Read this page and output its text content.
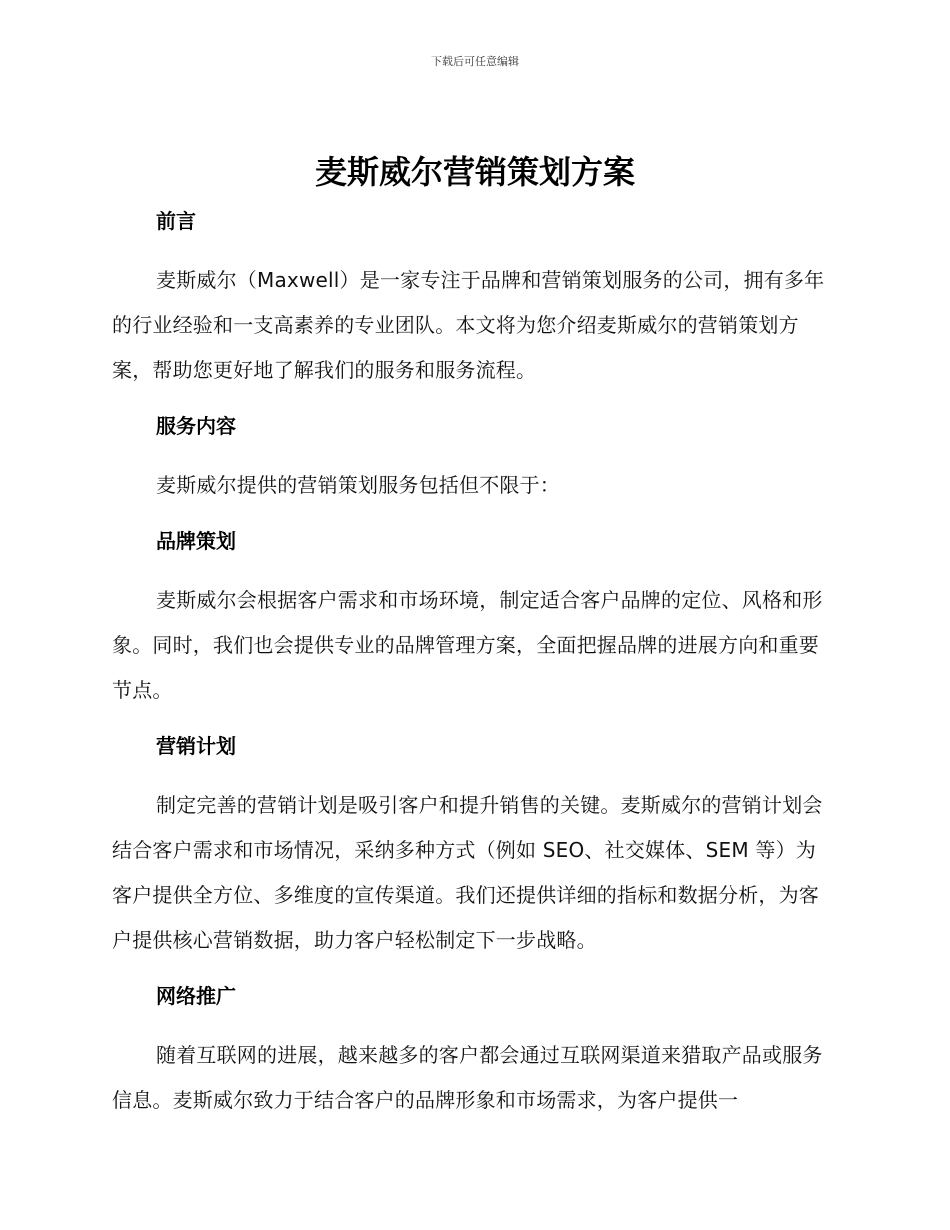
下载后可任意编辑
麦斯威尔营销策划方案
前言

麦斯威尔（Maxwell）是一家专注于品牌和营销策划服务的公司，拥有多年的行业经验和一支高素养的专业团队。本文将为您介绍麦斯威尔的营销策划方案，帮助您更好地了解我们的服务和服务流程。

服务内容

麦斯威尔提供的营销策划服务包括但不限于：

品牌策划

麦斯威尔会根据客户需求和市场环境，制定适合客户品牌的定位、风格和形象。同时，我们也会提供专业的品牌管理方案，全面把握品牌的进展方向和重要节点。

营销计划

制定完善的营销计划是吸引客户和提升销售的关键。麦斯威尔的营销计划会结合客户需求和市场情况，采纳多种方式（例如 SEO、社交媒体、SEM 等）为客户提供全方位、多维度的宣传渠道。我们还提供详细的指标和数据分析，为客户提供核心营销数据，助力客户轻松制定下一步战略。

网络推广

随着互联网的进展，越来越多的客户都会通过互联网渠道来猎取产品或服务信息。麦斯威尔致力于结合客户的品牌形象和市场需求，为客户提供一
